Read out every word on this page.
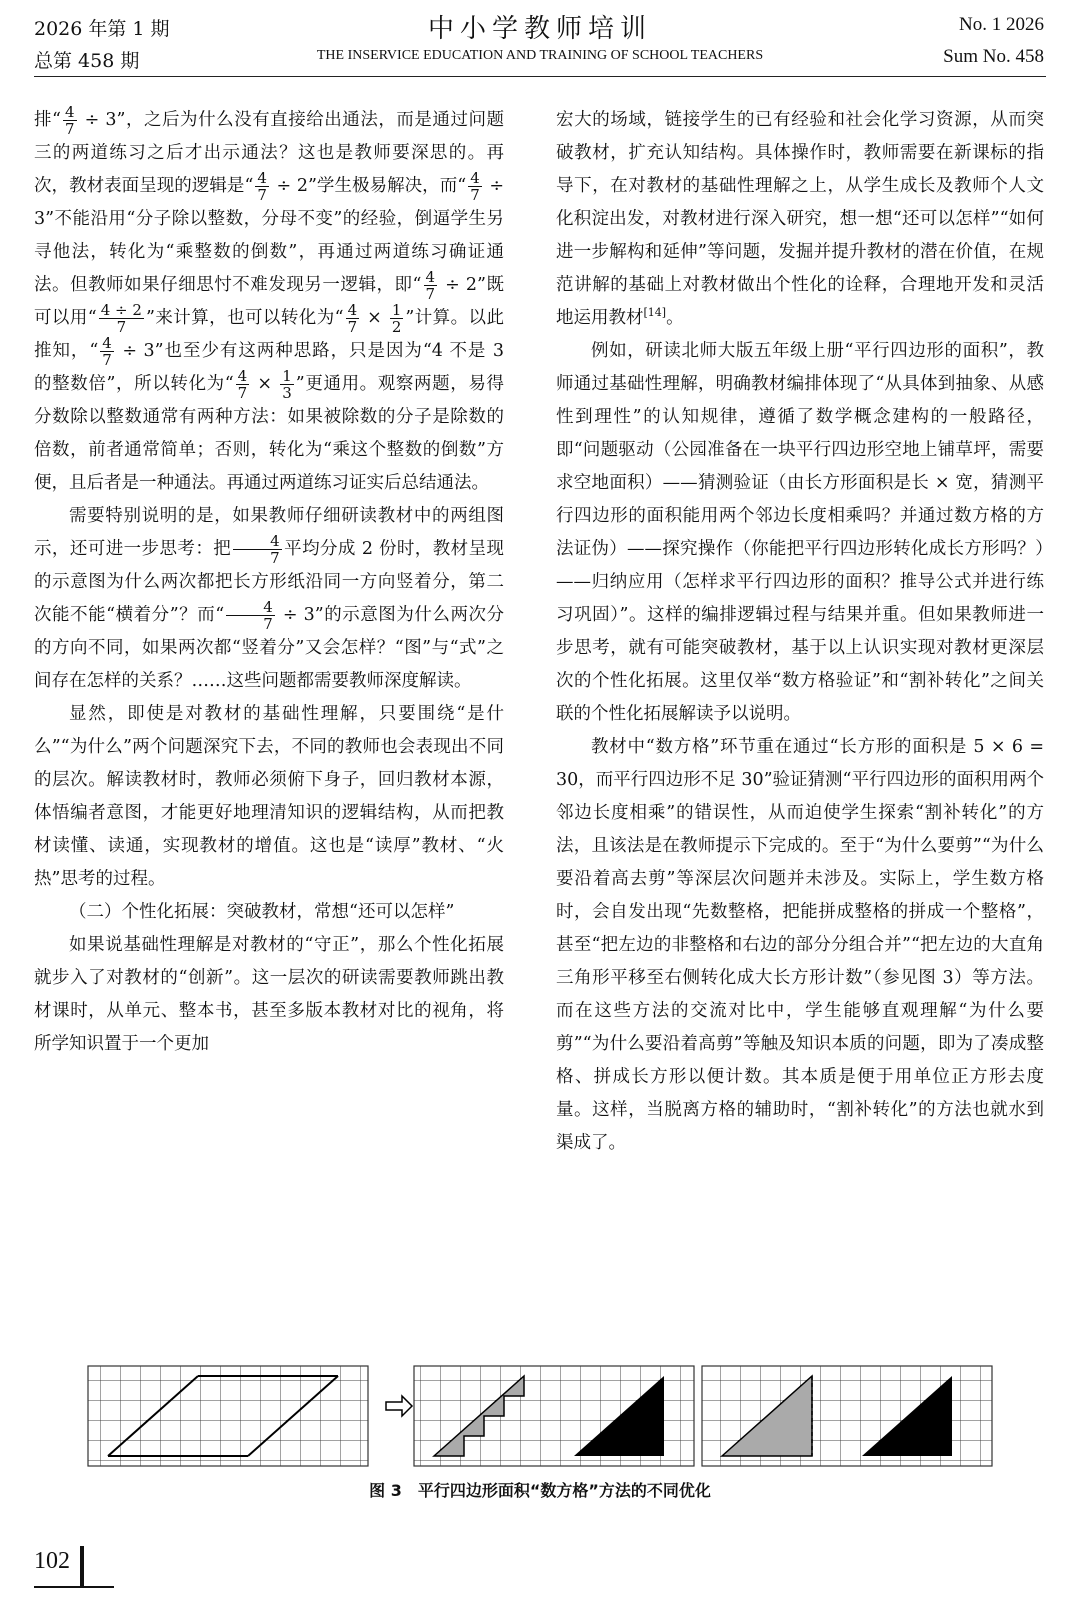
2026 年第 1 期
总第 458 期
中小学教师培训
THE INSERVICE EDUCATION AND TRAINING OF SCHOOL TEACHERS
No. 1 2026
Sum No. 458

排“ $\frac{4}{7} \div 3$”，之后为什么没有直接给出通法，而是通过问题三的两道练习之后才出示通法？这也是教师要深思的。再次，教材表面呈现的逻辑是“ $\frac{4}{7} \div 2$”学生极易解决，而“ $\frac{4}{7} \div 3$”不能沿用“分子除以整数，分母不变”的经验，倒逼学生另寻他法，转化为“乘整数的倒数”，再通过两道练习确证通法。但教师如果仔细思忖不难发现另一逻辑，即“ $\frac{4}{7} \div 2$”既可以用“ $\frac{4 \div 2}{7}$ ”来计算，也可以转化为“ $\frac{4}{7} \times \frac{1}{2}$ ”计算。以此推知，“ $\frac{4}{7} \div 3$”也至少有这两种思路，只是因为“4 不是 3 的整数倍”，所以转化为“ $\frac{4}{7} \times \frac{1}{3}$ ”更通用。观察两题，易得分数除以整数通常有两种方法：如果被除数的分子是除数的倍数，前者通常简单；否则，转化为“乘这个整数的倒数”方便，且后者是一种通法。再通过两道练习证实后总结通法。

需要特别说明的是，如果教师仔细研读教材中的两组图示，还可进一步思考：把 $\frac{4}{7}$ 平均分成 2 份时，教材呈现的示意图为什么两次都把长方形纸沿同一方向竖着分，第二次能不能“横着分”？而“ $\frac{4}{7} \div 3$”的示意图为什么两次分的方向不同，如果两次都“竖着分”又会怎样？“图”与“式”之间存在怎样的关系？……这些问题都需要教师深度解读。

显然，即使是对教材的基础性理解，只要围绕“是什么”“为什么”两个问题深究下去，不同的教师也会表现出不同的层次。解读教材时，教师必须俯下身子，回归教材本源，体悟编者意图，才能更好地理清知识的逻辑结构，从而把教材读懂、读通，实现教材的增值。这也是“读厚”教材、“火热”思考的过程。

（二）个性化拓展：突破教材，常想“还可以怎样”

如果说基础性理解是对教材的“守正”，那么个性化拓展就步入了对教材的“创新”。这一层次的研读需要教师跳出教材课时，从单元、整本书，甚至多版本教材对比的视角，将所学知识置于一个更加

宏大的场域，链接学生的已有经验和社会化学习资源，从而突破教材，扩充认知结构。具体操作时，教师需要在新课标的指导下，在对教材的基础性理解之上，从学生成长及教师个人文化积淀出发，对教材进行深入研究，想一想“还可以怎样”“如何进一步解构和延伸”等问题，发掘并提升教材的潜在价值，在规范讲解的基础上对教材做出个性化的诠释，合理地开发和灵活地运用教材[14]。

例如，研读北师大版五年级上册“平行四边形的面积”，教师通过基础性理解，明确教材编排体现了“从具体到抽象、从感性到理性”的认知规律，遵循了数学概念建构的一般路径，即“问题驱动（公园准备在一块平行四边形空地上铺草坪，需要求空地面积）——猜测验证（由长方形面积是长 × 宽，猜测平行四边形的面积能用两个邻边长度相乘吗？并通过数方格的方法证伪）——探究操作（你能把平行四边形转化成长方形吗？）——归纳应用（怎样求平行四边形的面积？推导公式并进行练习巩固）”。这样的编排逻辑过程与结果并重。但如果教师进一步思考，就有可能突破教材，基于以上认识实现对教材更深层次的个性化拓展。这里仅举“数方格验证”和“割补转化”之间关联的个性化拓展解读予以说明。

教材中“数方格”环节重在通过“长方形的面积是 5 × 6 = 30，而平行四边形不足 30”验证猜测“平行四边形的面积用两个邻边长度相乘”的错误性，从而迫使学生探索“割补转化”的方法，且该法是在教师提示下完成的。至于“为什么要剪”“为什么要沿着高去剪”等深层次问题并未涉及。实际上，学生数方格时，会自发出现“先数整格，把能拼成整格的拼成一个整格”，甚至“把左边的非整格和右边的部分分组合并”“把左边的大直角三角形平移至右侧转化成大长方形计数”（参见图 3）等方法。而在这些方法的交流对比中，学生能够直观理解“为什么要剪”“为什么要沿着高剪”等触及知识本质的问题，即为了凑成整格、拼成长方形以便计数。其本质是便于用单位正方形去度量。这样，当脱离方格的辅助时，“割补转化”的方法也就水到渠成了。

图 3　平行四边形面积“数方格”方法的不同优化
102
